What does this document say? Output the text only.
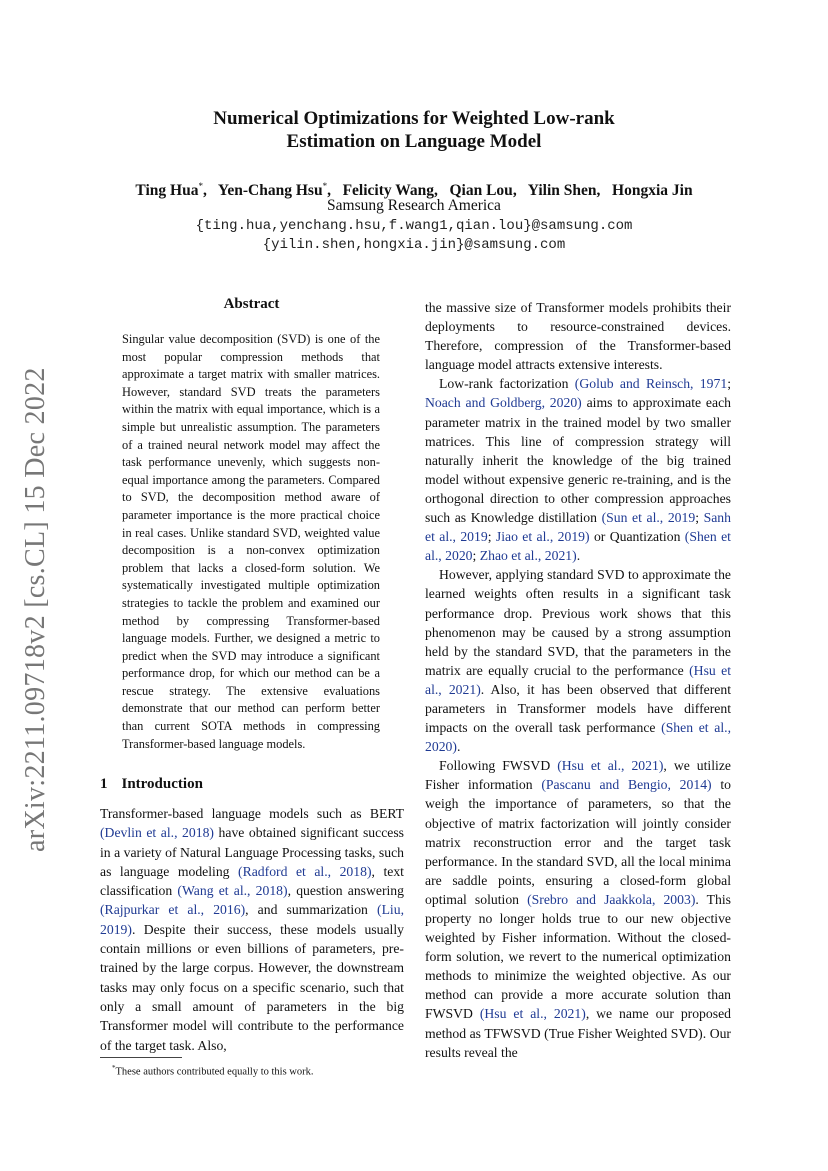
arXiv:2211.09718v2 [cs.CL] 15 Dec 2022
Numerical Optimizations for Weighted Low-rank
Estimation on Language Model
Ting Hua*,   Yen-Chang Hsu*,   Felicity Wang,   Qian Lou,   Yilin Shen,   Hongxia Jin
Samsung Research America
{ting.hua,yenchang.hsu,f.wang1,qian.lou}@samsung.com
{yilin.shen,hongxia.jin}@samsung.com
Abstract
Singular value decomposition (SVD) is one of the most popular compression methods that approximate a target matrix with smaller matrices. However, standard SVD treats the parameters within the matrix with equal importance, which is a simple but unrealistic assumption. The parameters of a trained neural network model may affect the task performance unevenly, which suggests non-equal importance among the parameters. Compared to SVD, the decomposition method aware of parameter importance is the more practical choice in real cases. Unlike standard SVD, weighted value decomposition is a non-convex optimization problem that lacks a closed-form solution. We systematically investigated multiple optimization strategies to tackle the problem and examined our method by compressing Transformer-based language models. Further, we designed a metric to predict when the SVD may introduce a significant performance drop, for which our method can be a rescue strategy. The extensive evaluations demonstrate that our method can perform better than current SOTA methods in compressing Transformer-based language models.
1 Introduction

Transformer-based language models such as BERT (Devlin et al., 2018) have obtained significant success in a variety of Natural Language Processing tasks, such as language modeling (Radford et al., 2018), text classification (Wang et al., 2018), question answering (Rajpurkar et al., 2016), and summarization (Liu, 2019). Despite their success, these models usually contain millions or even billions of parameters, pre-trained by the large corpus. However, the downstream tasks may only focus on a specific scenario, such that only a small amount of parameters in the big Transformer model will contribute to the performance of the target task. Also,

the massive size of Transformer models prohibits their deployments to resource-constrained devices. Therefore, compression of the Transformer-based language model attracts extensive interests.

Low-rank factorization (Golub and Reinsch, 1971; Noach and Goldberg, 2020) aims to approximate each parameter matrix in the trained model by two smaller matrices. This line of compression strategy will naturally inherit the knowledge of the big trained model without expensive generic re-training, and is the orthogonal direction to other compression approaches such as Knowledge distillation (Sun et al., 2019; Sanh et al., 2019; Jiao et al., 2019) or Quantization (Shen et al., 2020; Zhao et al., 2021).

However, applying standard SVD to approximate the learned weights often results in a significant task performance drop. Previous work shows that this phenomenon may be caused by a strong assumption held by the standard SVD, that the parameters in the matrix are equally crucial to the performance (Hsu et al., 2021). Also, it has been observed that different parameters in Transformer models have different impacts on the overall task performance (Shen et al., 2020).

Following FWSVD (Hsu et al., 2021), we utilize Fisher information (Pascanu and Bengio, 2014) to weigh the importance of parameters, so that the objective of matrix factorization will jointly consider matrix reconstruction error and the target task performance. In the standard SVD, all the local minima are saddle points, ensuring a closed-form global optimal solution (Srebro and Jaakkola, 2003). This property no longer holds true to our new objective weighted by Fisher information. Without the closed-form solution, we revert to the numerical optimization methods to minimize the weighted objective. As our method can provide a more accurate solution than FWSVD (Hsu et al., 2021), we name our proposed method as TFWSVD (True Fisher Weighted SVD). Our results reveal the

*These authors contributed equally to this work.
